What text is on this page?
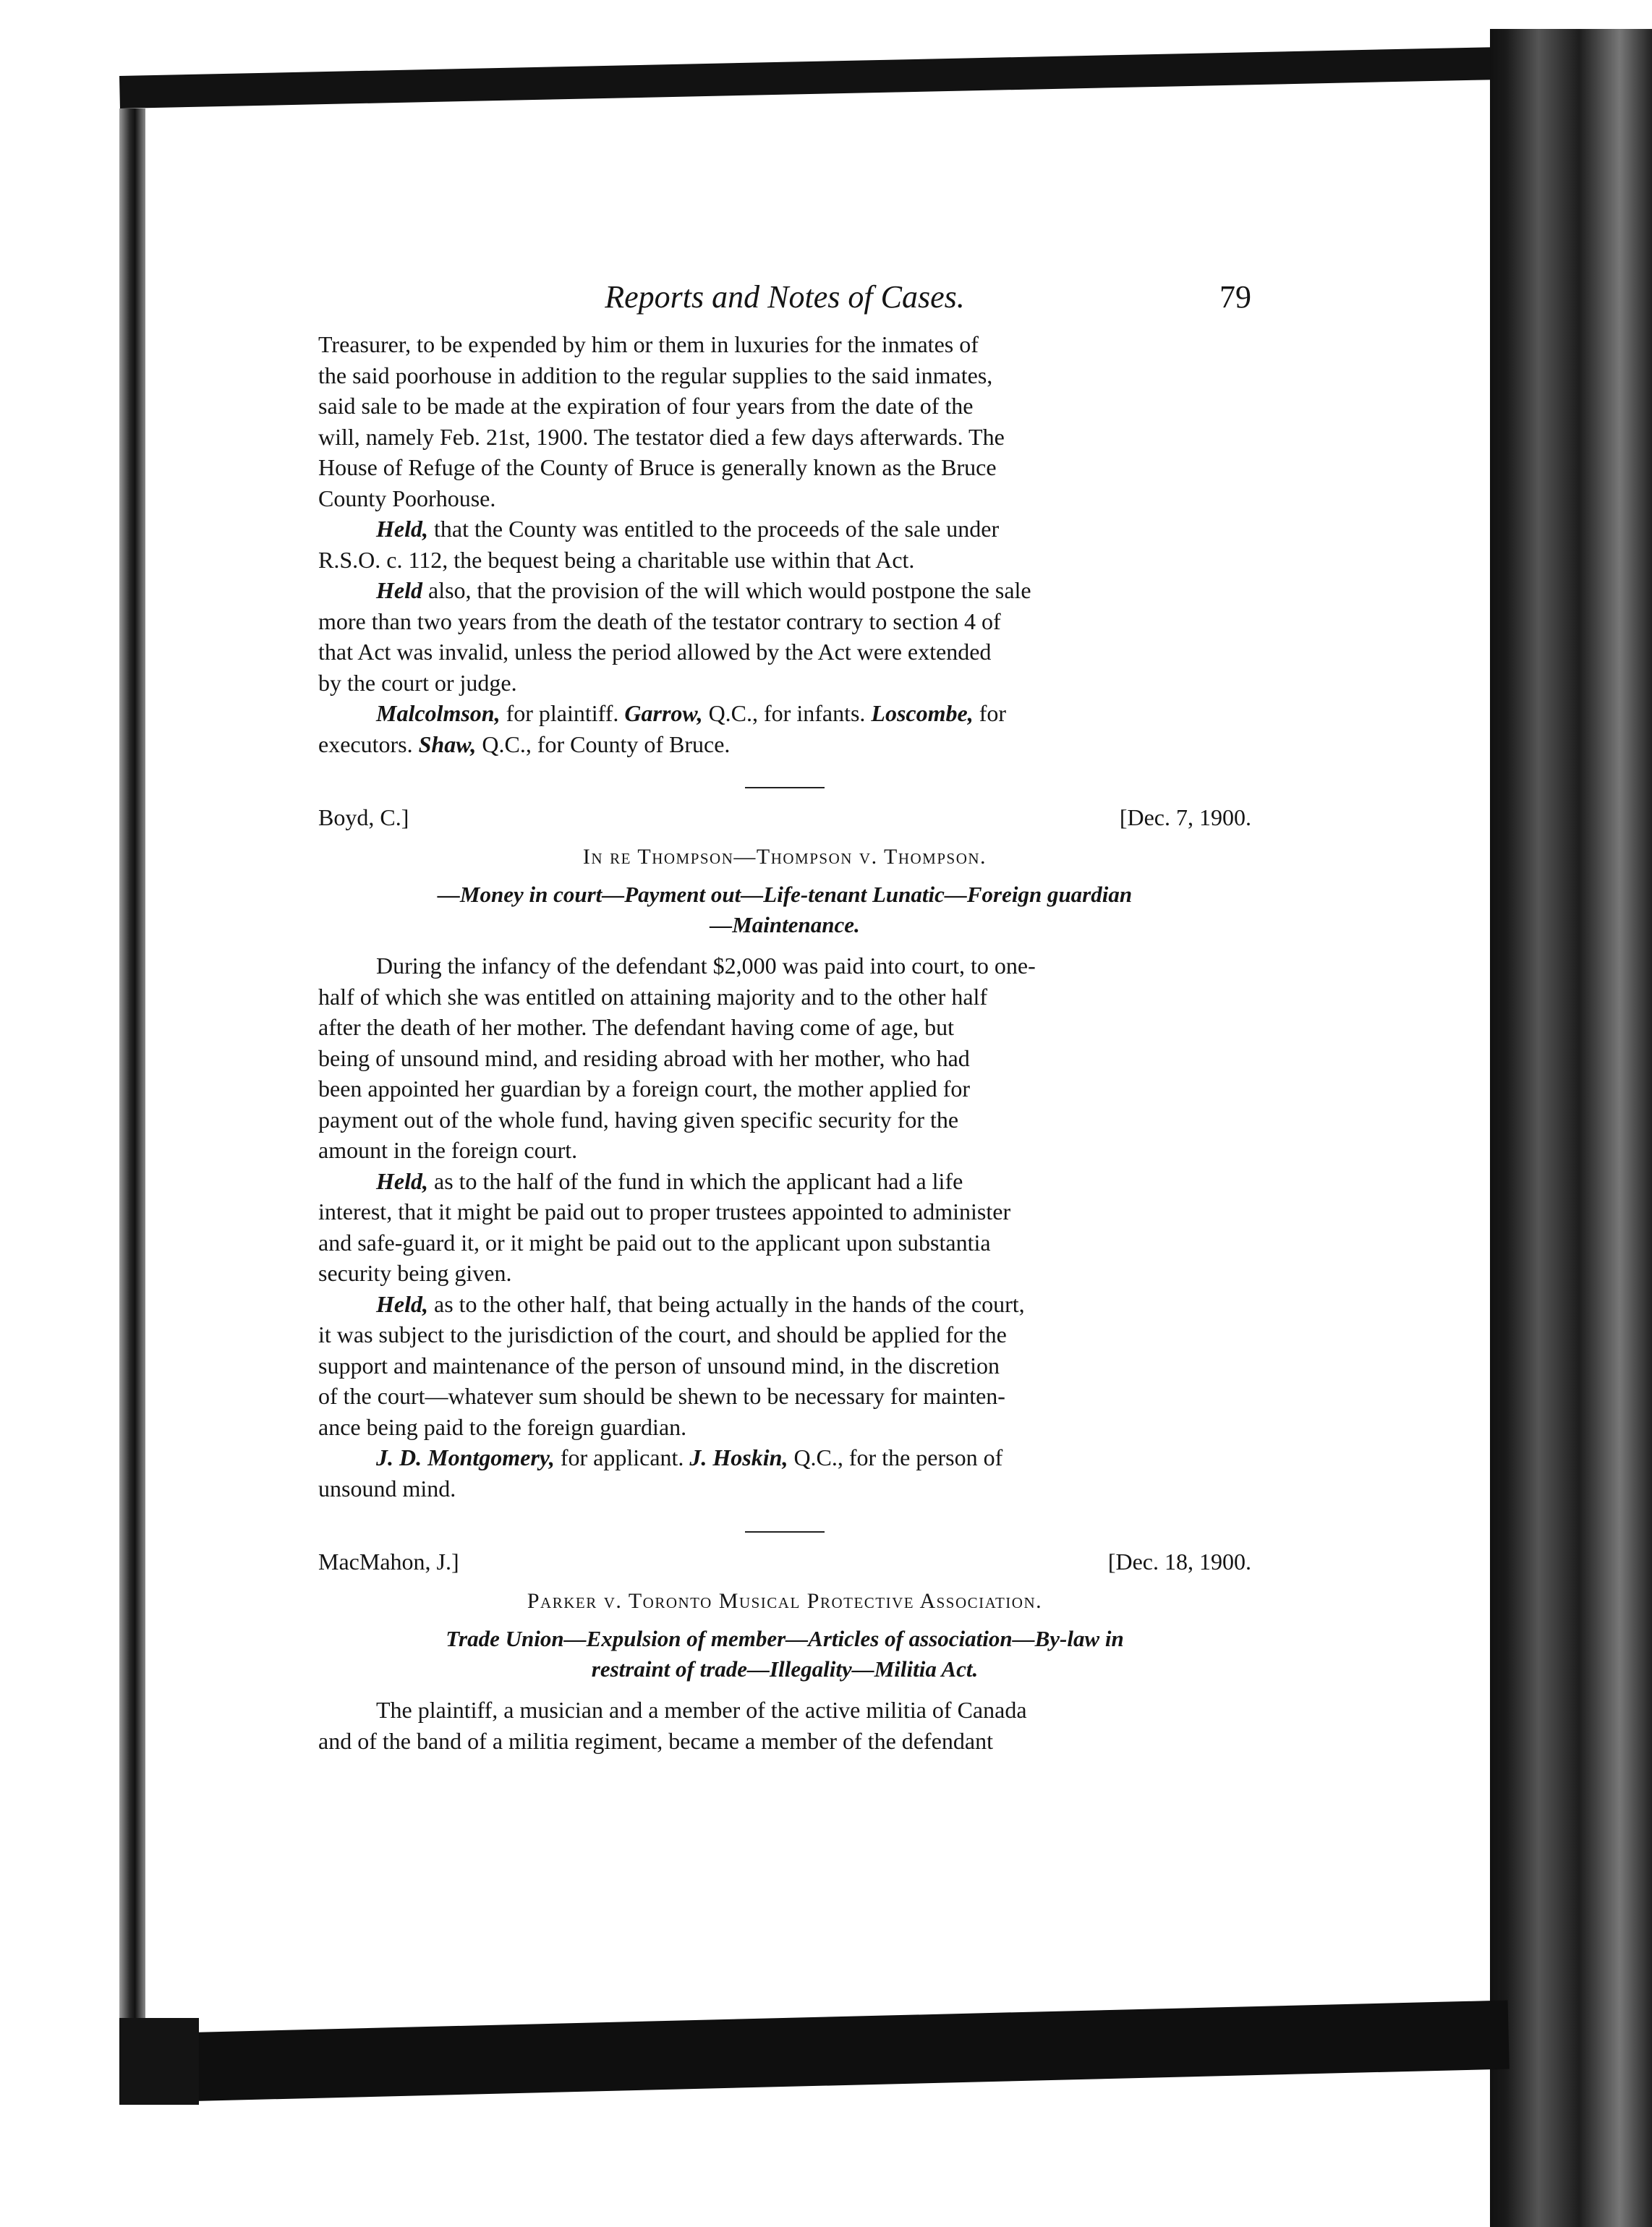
Reports and Notes of Cases.	79

Treasurer, to be expended by him or them in luxuries for the inmates of
the said poorhouse in addition to the regular supplies to the said inmates,
said sale to be made at the expiration of four years from the date of the
will, namely Feb. 21st, 1900. The testator died a few days afterwards. The
House of Refuge of the County of Bruce is generally known as the Bruce
County Poorhouse.

Held, that the County was entitled to the proceeds of the sale under
R.S.O. c. 112, the bequest being a charitable use within that Act.

Held also, that the provision of the will which would postpone the sale
more than two years from the death of the testator contrary to section 4 of
that Act was invalid, unless the period allowed by the Act were extended
by the court or judge.

Malcolmson, for plaintiff. Garrow, Q.C., for infants. Loscombe, for
executors. Shaw, Q.C., for County of Bruce.

Boyd, C.]	[Dec. 7, 1900.
In re Thompson—Thompson v. Thompson.
—Money in court—Payment out—Life-tenant Lunatic—Foreign guardian
—Maintenance.

During the infancy of the defendant $2,000 was paid into court, to one-
half of which she was entitled on attaining majority and to the other half
after the death of her mother. The defendant having come of age, but
being of unsound mind, and residing abroad with her mother, who had
been appointed her guardian by a foreign court, the mother applied for
payment out of the whole fund, having given specific security for the
amount in the foreign court.

Held, as to the half of the fund in which the applicant had a life
interest, that it might be paid out to proper trustees appointed to administer
and safe-guard it, or it might be paid out to the applicant upon substantia
security being given.

Held, as to the other half, that being actually in the hands of the court,
it was subject to the jurisdiction of the court, and should be applied for the
support and maintenance of the person of unsound mind, in the discretion
of the court—whatever sum should be shewn to be necessary for mainten-
ance being paid to the foreign guardian.

J. D. Montgomery, for applicant. J. Hoskin, Q.C., for the person of
unsound mind.

MacMahon, J.]	[Dec. 18, 1900.
Parker v. Toronto Musical Protective Association.
Trade Union—Expulsion of member—Articles of association—By-law in
restraint of trade—Illegality—Militia Act.

The plaintiff, a musician and a member of the active militia of Canada
and of the band of a militia regiment, became a member of the defendant
